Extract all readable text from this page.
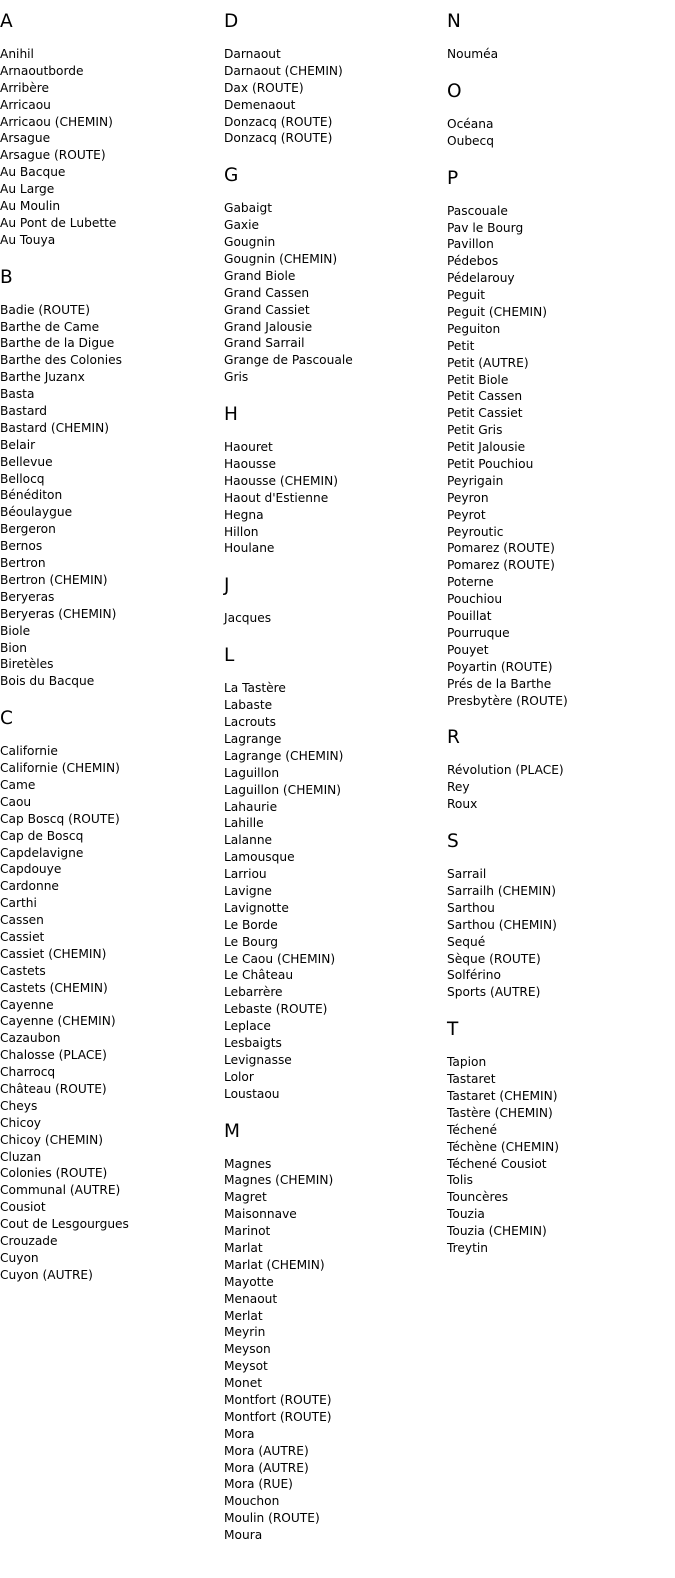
A
Anihil
Arnaoutborde
Arribère
Arricaou
Arricaou (CHEMIN)
Arsague
Arsague (ROUTE)
Au Bacque
Au Large
Au Moulin
Au Pont de Lubette
Au Touya
B
Badie (ROUTE)
Barthe de Came
Barthe de la Digue
Barthe des Colonies
Barthe Juzanx
Basta
Bastard
Bastard (CHEMIN)
Belair
Bellevue
Bellocq
Bénéditon
Béoulaygue
Bergeron
Bernos
Bertron
Bertron (CHEMIN)
Beryeras
Beryeras (CHEMIN)
Biole
Bion
Biretèles
Bois du Bacque
C
Californie
Californie (CHEMIN)
Came
Caou
Cap Boscq (ROUTE)
Cap de Boscq
Capdelavigne
Capdouye
Cardonne
Carthi
Cassen
Cassiet
Cassiet (CHEMIN)
Castets
Castets (CHEMIN)
Cayenne
Cayenne (CHEMIN)
Cazaubon
Chalosse (PLACE)
Charrocq
Château (ROUTE)
Cheys
Chicoy
Chicoy (CHEMIN)
Cluzan
Colonies (ROUTE)
Communal (AUTRE)
Cousiot
Cout de Lesgourgues
Crouzade
Cuyon
Cuyon (AUTRE)
D
Darnaout
Darnaout (CHEMIN)
Dax (ROUTE)
Demenaout
Donzacq (ROUTE)
Donzacq (ROUTE)
G
Gabaigt
Gaxie
Gougnin
Gougnin (CHEMIN)
Grand Biole
Grand Cassen
Grand Cassiet
Grand Jalousie
Grand Sarrail
Grange de Pascouale
Gris
H
Haouret
Haousse
Haousse (CHEMIN)
Haout d'Estienne
Hegna
Hillon
Houlane
J
Jacques
L
La Tastère
Labaste
Lacrouts
Lagrange
Lagrange (CHEMIN)
Laguillon
Laguillon (CHEMIN)
Lahaurie
Lahille
Lalanne
Lamousque
Larriou
Lavigne
Lavignotte
Le Borde
Le Bourg
Le Caou (CHEMIN)
Le Château
Lebarrère
Lebaste (ROUTE)
Leplace
Lesbaigts
Levignasse
Lolor
Loustaou
M
Magnes
Magnes (CHEMIN)
Magret
Maisonnave
Marinot
Marlat
Marlat (CHEMIN)
Mayotte
Menaout
Merlat
Meyrin
Meyson
Meysot
Monet
Montfort (ROUTE)
Montfort (ROUTE)
Mora
Mora (AUTRE)
Mora (AUTRE)
Mora (RUE)
Mouchon
Moulin (ROUTE)
Moura
N
Nouméa
O
Océana
Oubecq
P
Pascouale
Pav le Bourg
Pavillon
Pédebos
Pédelarouy
Peguit
Peguit (CHEMIN)
Peguiton
Petit
Petit (AUTRE)
Petit Biole
Petit Cassen
Petit Cassiet
Petit Gris
Petit Jalousie
Petit Pouchiou
Peyrigain
Peyron
Peyrot
Peyroutic
Pomarez (ROUTE)
Pomarez (ROUTE)
Poterne
Pouchiou
Pouillat
Pourruque
Pouyet
Poyartin (ROUTE)
Prés de la Barthe
Presbytère (ROUTE)
R
Révolution (PLACE)
Rey
Roux
S
Sarrail
Sarrailh (CHEMIN)
Sarthou
Sarthou (CHEMIN)
Sequé
Sèque (ROUTE)
Solférino
Sports (AUTRE)
T
Tapion
Tastaret
Tastaret (CHEMIN)
Tastère (CHEMIN)
Téchené
Téchène (CHEMIN)
Téchené Cousiot
Tolis
Touncères
Touzia
Touzia (CHEMIN)
Treytin
